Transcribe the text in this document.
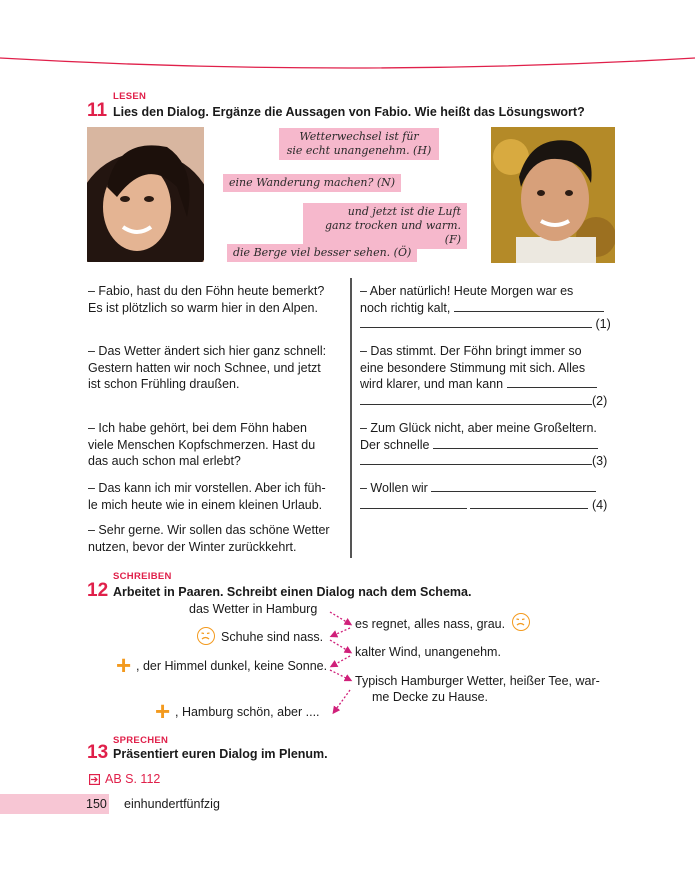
LESEN
11 Lies den Dialog. Ergänze die Aussagen von Fabio. Wie heißt das Lösungswort?
Wetterwechsel ist für
sie echt unangenehm. (H)
eine Wanderung machen? (N)
und jetzt ist die Luft
ganz trocken und warm. (F)
die Berge viel besser sehen. (Ö)
– Fabio, hast du den Föhn heute bemerkt?
Es ist plötzlich so warm hier in den Alpen.
– Das Wetter ändert sich hier ganz schnell:
Gestern hatten wir noch Schnee, und jetzt
ist schon Frühling draußen.
– Ich habe gehört, bei dem Föhn haben
viele Menschen Kopfschmerzen. Hast du
das auch schon mal erlebt?
– Das kann ich mir vorstellen. Aber ich füh-
le mich heute wie in einem kleinen Urlaub.
– Sehr gerne. Wir sollen das schöne Wetter
nutzen, bevor der Winter zurückkehrt.
– Aber natürlich! Heute Morgen war es
noch richtig kalt,
(1)
– Das stimmt. Der Föhn bringt immer so
eine besondere Stimmung mit sich. Alles
wird klarer, und man kann
(2)
– Zum Glück nicht, aber meine Großeltern.
Der schnelle
(3)
– Wollen wir
(4)
SCHREIBEN
12 Arbeitet in Paaren. Schreibt einen Dialog nach dem Schema.
das Wetter in Hamburg
Schuhe sind nass.
+ , der Himmel dunkel, keine Sonne.
+ , Hamburg schön, aber ....
es regnet, alles nass, grau.
kalter Wind, unangenehm.
Typisch Hamburger Wetter, heißer Tee, war-
me Decke zu Hause.
SPRECHEN
13 Präsentiert euren Dialog im Plenum.
AB S. 112
150 einhundertfünfzig
